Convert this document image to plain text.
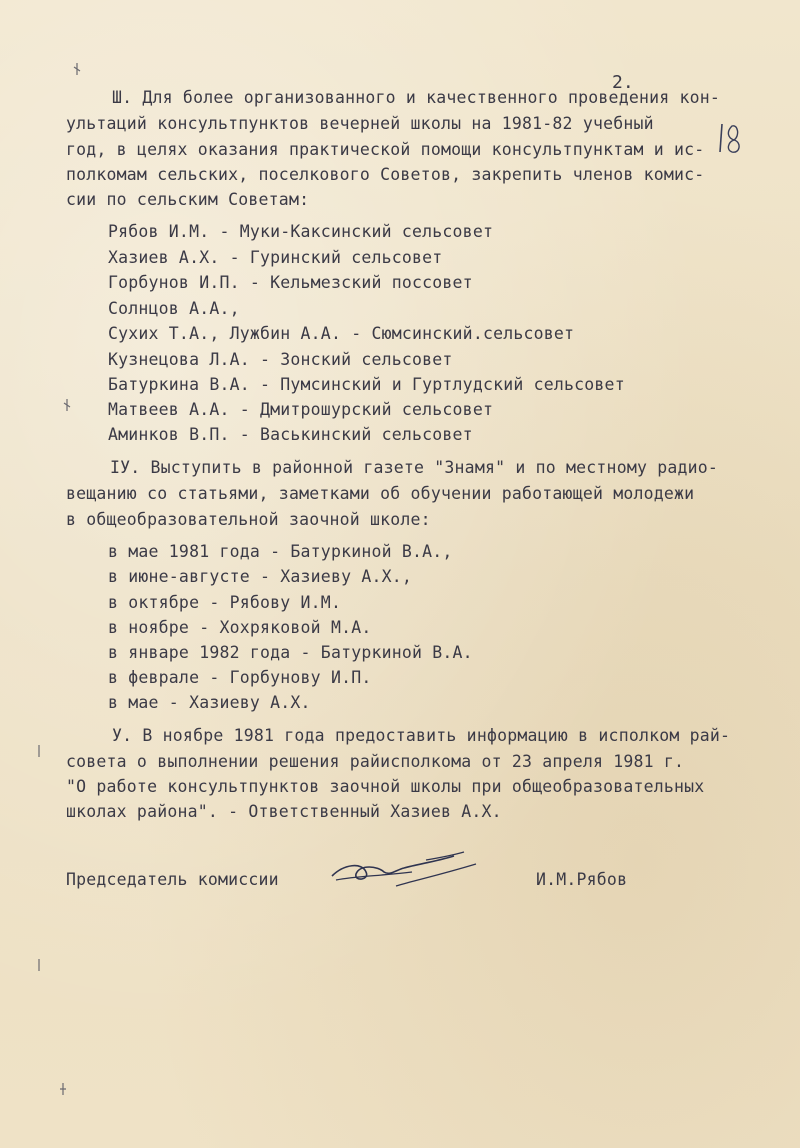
2.
Ш. Для более организованного и качественного проведения кон-
ультаций консультпунктов вечерней школы на 1981-82 учебный
год, в целях оказания практической помощи консультпунктам и ис-
полкомам сельских, поселкового Советов, закрепить членов комис-
сии по сельским Советам:
Рябов И.М. - Муки-Каксинский сельсовет
Хазиев А.Х. - Гуринский сельсовет
Горбунов И.П. - Кельмезский поссовет
Солнцов А.А.,
Сухих Т.А., Лужбин А.А. - Сюмсинский.сельсовет
Кузнецова Л.А. - Зонский сельсовет
Батуркина В.А. - Пумсинский и Гуртлудский сельсовет
Матвеев А.А. - Дмитрошурский сельсовет
Аминков В.П. - Васькинский сельсовет
IУ. Выступить в районной газете "Знамя" и по местному радио-
вещанию со статьями, заметками об обучении работающей молодежи
в общеобразовательной заочной школе:
в мае 1981 года - Батуркиной В.А.,
в июне-августе - Хазиеву А.Х.,
в октябре - Рябову И.М.
в ноябре - Хохряковой М.А.
в январе 1982 года - Батуркиной В.А.
в феврале - Горбунову И.П.
в мае - Хазиеву А.Х.
У. В ноябре 1981 года предоставить информацию в исполком рай-
совета о выполнении решения райисполкома от 23 апреля 1981 г.
"О работе консультпунктов заочной школы при общеобразовательных
школах района". - Ответственный Хазиев А.Х.
Председатель комиссии	И.М.Рябов
